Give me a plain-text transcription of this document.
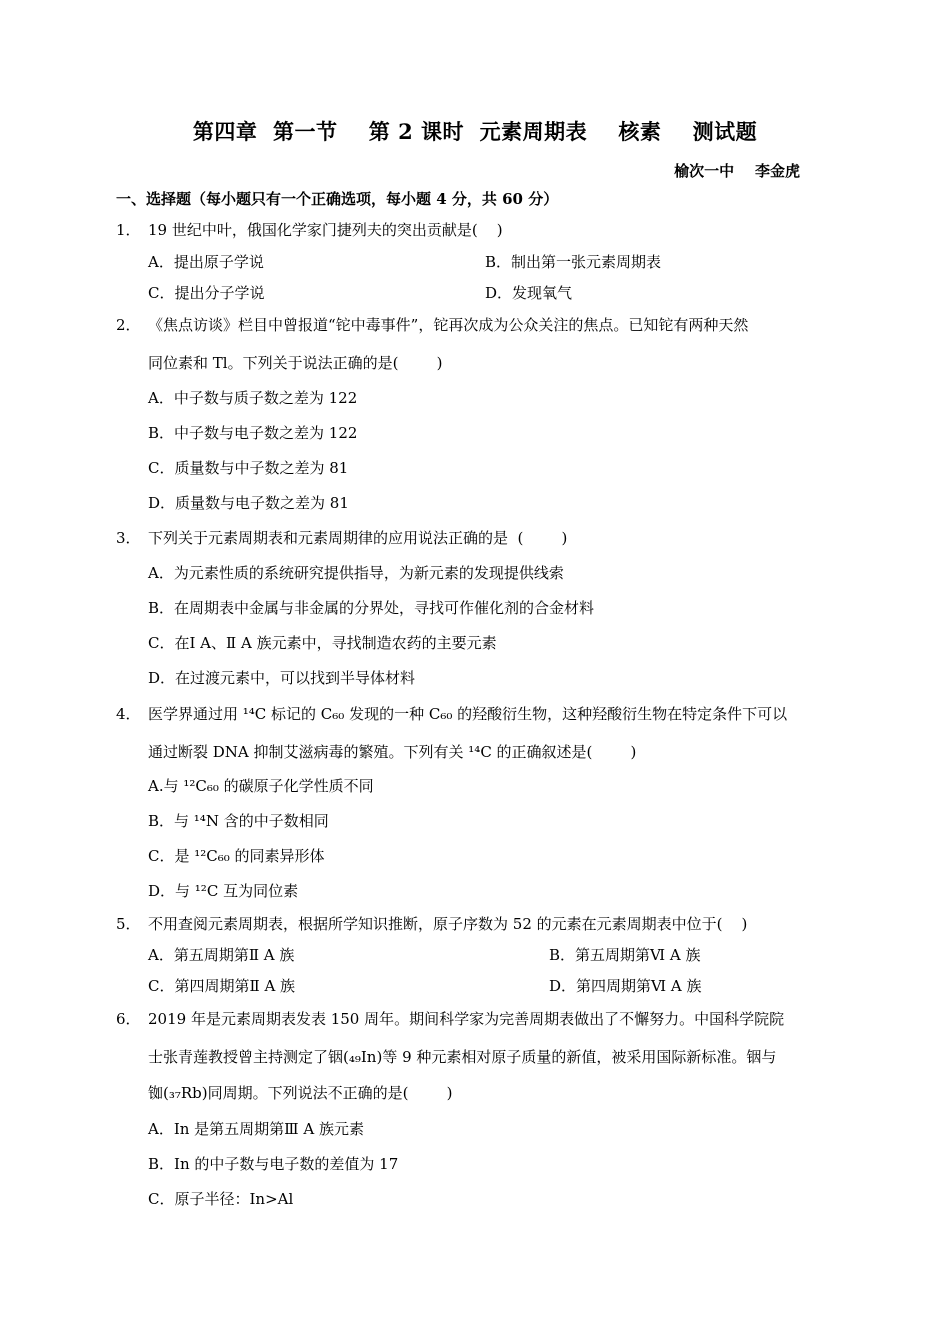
第四章  第一节    第 2 课时  元素周期表    核素    测试题
榆次一中    李金虎
一、选择题（每小题只有一个正确选项，每小题 4 分，共 60 分）
1． 19 世纪中叶，俄国化学家门捷列夫的突出贡献是(    )
A．提出原子学说	B．制出第一张元素周期表
C．提出分子学说	D．发现氧气
2． 《焦点访谈》栏目中曾报道“铊中毒事件”，铊再次成为公众关注的焦点。已知铊有两种天然
同位素和 Tl。下列关于说法正确的是(        )
A．中子数与质子数之差为 122
B．中子数与电子数之差为 122
C．质量数与中子数之差为 81
D．质量数与电子数之差为 81
3． 下列关于元素周期表和元素周期律的应用说法正确的是  (        )
A．为元素性质的系统研究提供指导，为新元素的发现提供线索
B．在周期表中金属与非金属的分界处，寻找可作催化剂的合金材料
C．在Ⅰ A、Ⅱ A 族元素中，寻找制造农药的主要元素
D．在过渡元素中，可以找到半导体材料
4． 医学界通过用 ¹⁴C 标记的 C₆₀ 发现的一种 C₆₀ 的羟酸衍生物，这种羟酸衍生物在特定条件下可以
通过断裂 DNA 抑制艾滋病毒的繁殖。下列有关 ¹⁴C 的正确叙述是(        )
A.与 ¹²C₆₀ 的碳原子化学性质不同
B．与 ¹⁴N 含的中子数相同
C．是 ¹²C₆₀ 的同素异形体
D．与 ¹²C 互为同位素
5． 不用查阅元素周期表，根据所学知识推断，原子序数为 52 的元素在元素周期表中位于(    )
A．第五周期第Ⅱ A 族	B．第五周期第Ⅵ A 族
C．第四周期第Ⅱ A 族	D．第四周期第Ⅵ A 族
6． 2019 年是元素周期表发表 150 周年。期间科学家为完善周期表做出了不懈努力。中国科学院院
士张青莲教授曾主持测定了铟(₄₉In)等 9 种元素相对原子质量的新值，被采用国际新标准。铟与
铷(₃₇Rb)同周期。下列说法不正确的是(        )
A．In 是第五周期第Ⅲ A 族元素
B．In 的中子数与电子数的差值为 17
C．原子半径：In>Al
